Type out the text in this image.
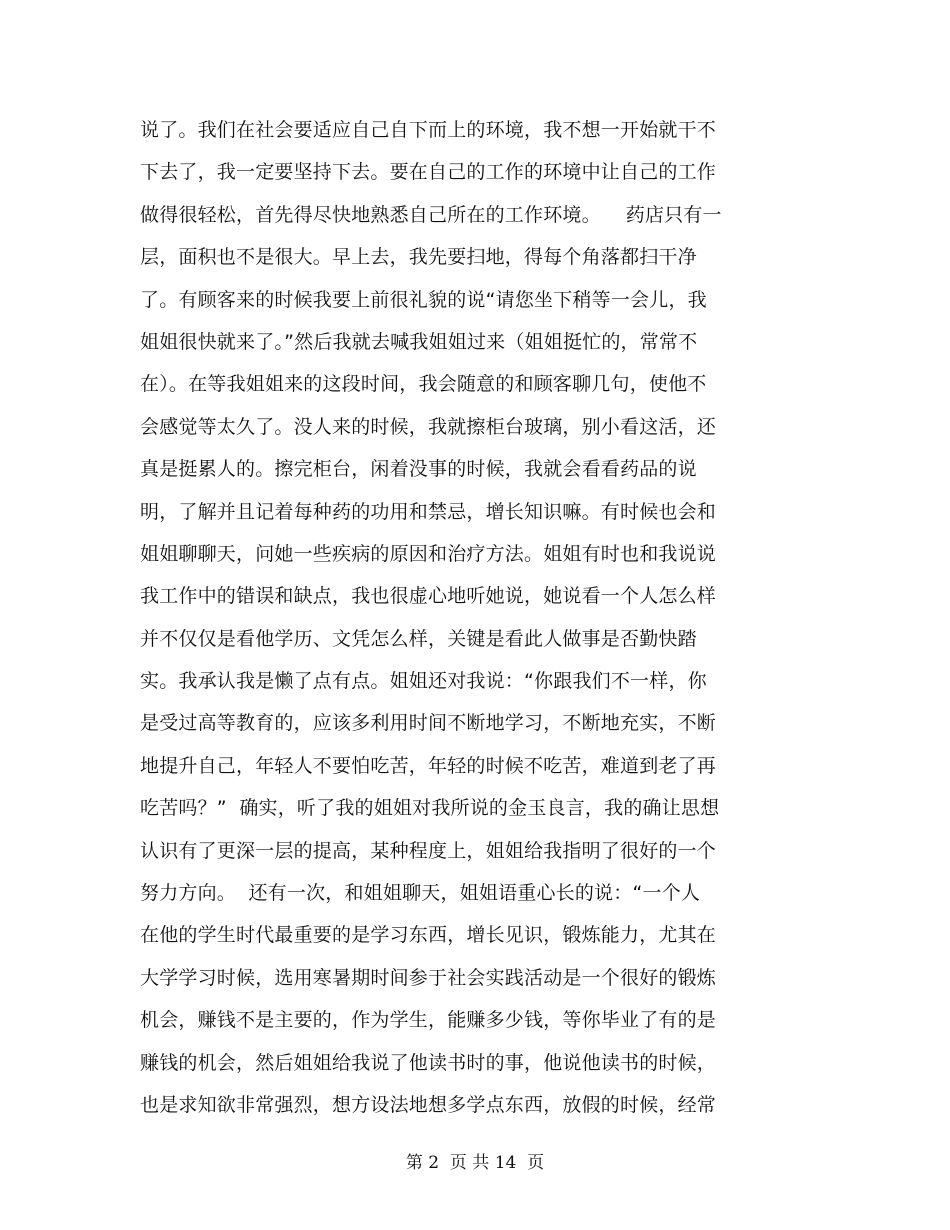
说了。我们在社会要适应自己自下而上的环境，我不想一开始就干不
下去了，我一定要坚持下去。要在自己的工作的环境中让自己的工作
做得很轻松，首先得尽快地熟悉自己所在的工作环境。    药店只有一
层，面积也不是很大。早上去，我先要扫地，得每个角落都扫干净
了。有顾客来的时候我要上前很礼貌的说“请您坐下稍等一会儿，我
姐姐很快就来了。”然后我就去喊我姐姐过来（姐姐挺忙的，常常不
在）。在等我姐姐来的这段时间，我会随意的和顾客聊几句，使他不
会感觉等太久了。没人来的时候，我就擦柜台玻璃，别小看这活，还
真是挺累人的。擦完柜台，闲着没事的时候，我就会看看药品的说
明，了解并且记着每种药的功用和禁忌，增长知识嘛。有时候也会和
姐姐聊聊天，问她一些疾病的原因和治疗方法。姐姐有时也和我说说
我工作中的错误和缺点，我也很虚心地听她说，她说看一个人怎么样
并不仅仅是看他学历、文凭怎么样，关键是看此人做事是否勤快踏
实。我承认我是懒了点有点。姐姐还对我说：“你跟我们不一样，你
是受过高等教育的，应该多利用时间不断地学习，不断地充实，不断
地提升自己，年轻人不要怕吃苦，年轻的时候不吃苦，难道到老了再
吃苦吗？”  确实，听了我的姐姐对我所说的金玉良言，我的确让思想
认识有了更深一层的提高，某种程度上，姐姐给我指明了很好的一个
努力方向。  还有一次，和姐姐聊天，姐姐语重心长的说：“一个人
在他的学生时代最重要的是学习东西，增长见识，锻炼能力，尤其在
大学学习时候，选用寒暑期时间参于社会实践活动是一个很好的锻炼
机会，赚钱不是主要的，作为学生，能赚多少钱，等你毕业了有的是
赚钱的机会，然后姐姐给我说了他读书时的事，他说他读书的时候，
也是求知欲非常强烈，想方设法地想多学点东西，放假的时候，经常
第 2  页 共 14  页
